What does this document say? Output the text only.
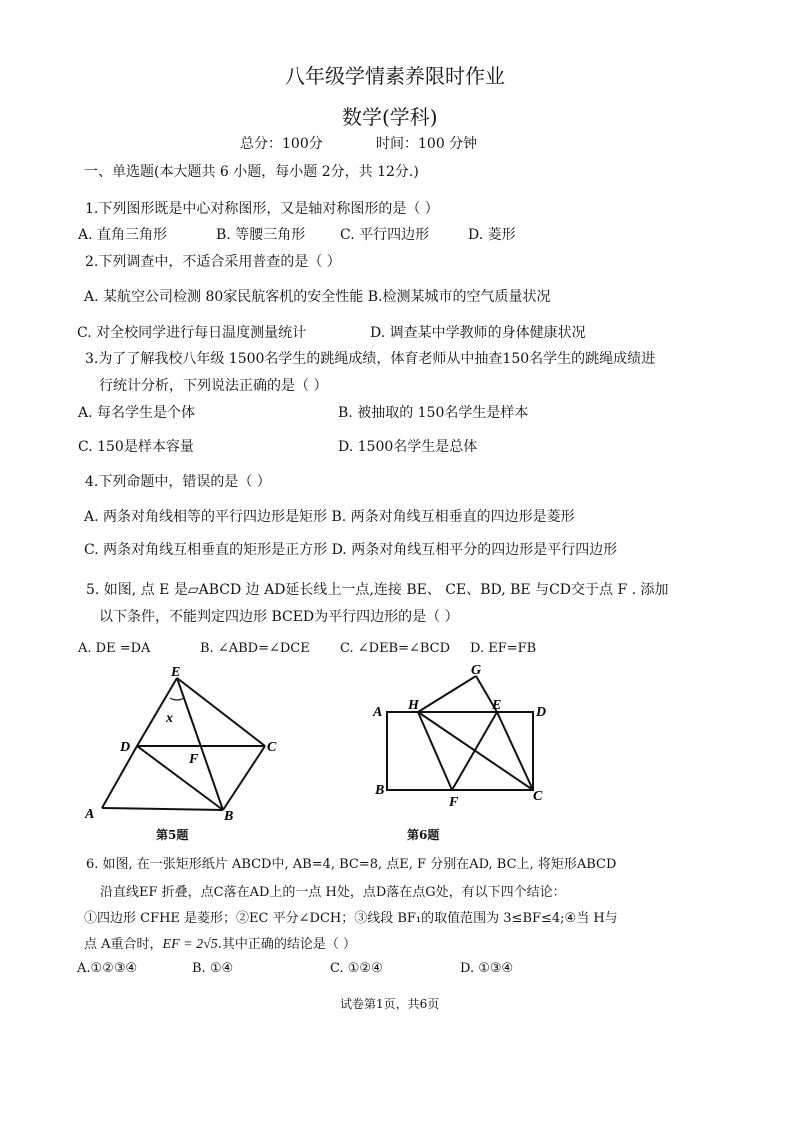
八年级学情素养限时作业
数学(学科)
总分：100分	时间：100 分钟
一、单选题(本大题共 6 小题，每小题 2分，共 12分.)
1.下列图形既是中心对称图形，又是轴对称图形的是（ ）
A. 直角三角形	B. 等腰三角形 C. 平行四边形	D. 菱形
2.下列调查中，不适合采用普查的是（ ）
A. 某航空公司检测 80家民航客机的安全性能 B.检测某城市的空气质量状况
C. 对全校同学进行每日温度测量统计	D. 调查某中学教师的身体健康状况
3.为了了解我校八年级 1500名学生的跳绳成绩，体育老师从中抽查150名学生的跳绳成绩进
行统计分析，下列说法正确的是（ ）
A. 每名学生是个体	B. 被抽取的 150名学生是样本
C. 150是样本容量	D. 1500名学生是总体
4.下列命题中，错误的是（ ）
A. 两条对角线相等的平行四边形是矩形 B. 两条对角线互相垂直的四边形是菱形
C. 两条对角线互相垂直的矩形是正方形 D. 两条对角线互相平分的四边形是平行四边形
5. 如图, 点 E 是▱ABCD 边 AD延长线上一点,连接 BE、 CE、BD, BE 与CD交于点 F . 添加
以下条件，不能判定四边形 BCED为平行四边形的是（ ）
A. DE =DA	B. ∠ABD=∠DCE C. ∠DEB=∠BCD D. EF=FB
x
E
D	C
F
A	B
第5题
G
A H	E D
B
F	C
第6题
6. 如图, 在一张矩形纸片 ABCD中, AB=4, BC=8, 点E, F 分别在AD, BC上, 将矩形ABCD
沿直线EF 折叠，点C落在AD上的一点 H处，点D落在点G处，有以下四个结论：
①四边形 CFHE 是菱形；②EC 平分∠DCH；③线段 BF₁的取值范围为 3≤BF≤4;④当 H与
点 A重合时，EF = 2√5.其中正确的结论是（ ）
A.①②③④	B. ①④	C. ①②④	D. ①③④
试卷第1页，共6页
